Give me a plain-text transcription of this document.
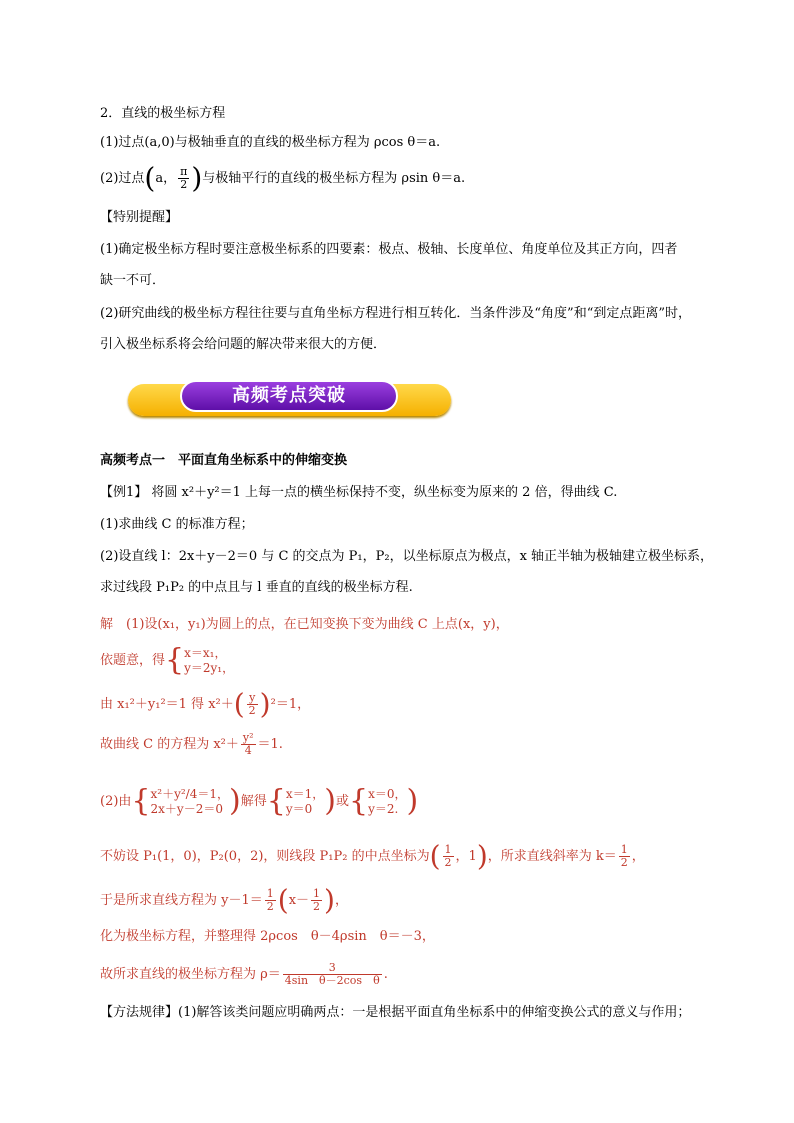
2．直线的极坐标方程
(1)过点(a,0)与极轴垂直的直线的极坐标方程为 ρcos θ＝a.
(2)过点(a， $\frac{\pi}{2}$ )与极轴平行的直线的极坐标方程为 ρsin θ＝a.
【特别提醒】
(1)确定极坐标方程时要注意极坐标系的四要素：极点、极轴、长度单位、角度单位及其正方向，四者
缺一不可．
(2)研究曲线的极坐标方程往往要与直角坐标方程进行相互转化．当条件涉及“角度”和“到定点距离”时，
引入极坐标系将会给问题的解决带来很大的方便．
高频考点突破
高频考点一　平面直角坐标系中的伸缩变换
【例1】 将圆 x²＋y²＝1 上每一点的横坐标保持不变，纵坐标变为原来的 2 倍，得曲线 C.
(1)求曲线 C 的标准方程；
(2)设直线 l：2x＋y－2＝0 与 C 的交点为 P₁，P₂，以坐标原点为极点，x 轴正半轴为极轴建立极坐标系，
求过线段 P₁P₂ 的中点且与 l 垂直的直线的极坐标方程.
解　(1)设(x₁，y₁)为圆上的点，在已知变换下变为曲线 C 上点(x，y)，
依题意，得{ x＝x₁，
y＝2y₁，
由 x₁²＋y₁²＝1 得 $x^2+( \frac{y}{2} )^2=1$，
故曲线 C 的方程为 $x^2+ \frac{\text{y²}}{4} =1$.
(2)由{ x²＋y²/4＝1，
2x＋y－2＝0 )解得{ x＝1，
y＝0 )或{ x＝0，
y＝2. )
不妨设 P₁(1，0)，P₂(0，2)，则线段 P₁P₂ 的中点坐标为( $\frac{1}{2}$ ，1)，所求直线斜率为 $k= \frac{1}{2}$ ，
于是所求直线方程为 $y-1= \frac{1}{2} (x- \frac{1}{2}$ )，
化为极坐标方程，并整理得 2ρcos　θ－4ρsin　θ＝－3，
故所求直线的极坐标方程为 $\rho= \frac{3}{\text{4sin　θ－2cos　θ}}$ .
【方法规律】(1)解答该类问题应明确两点：一是根据平面直角坐标系中的伸缩变换公式的意义与作用；
